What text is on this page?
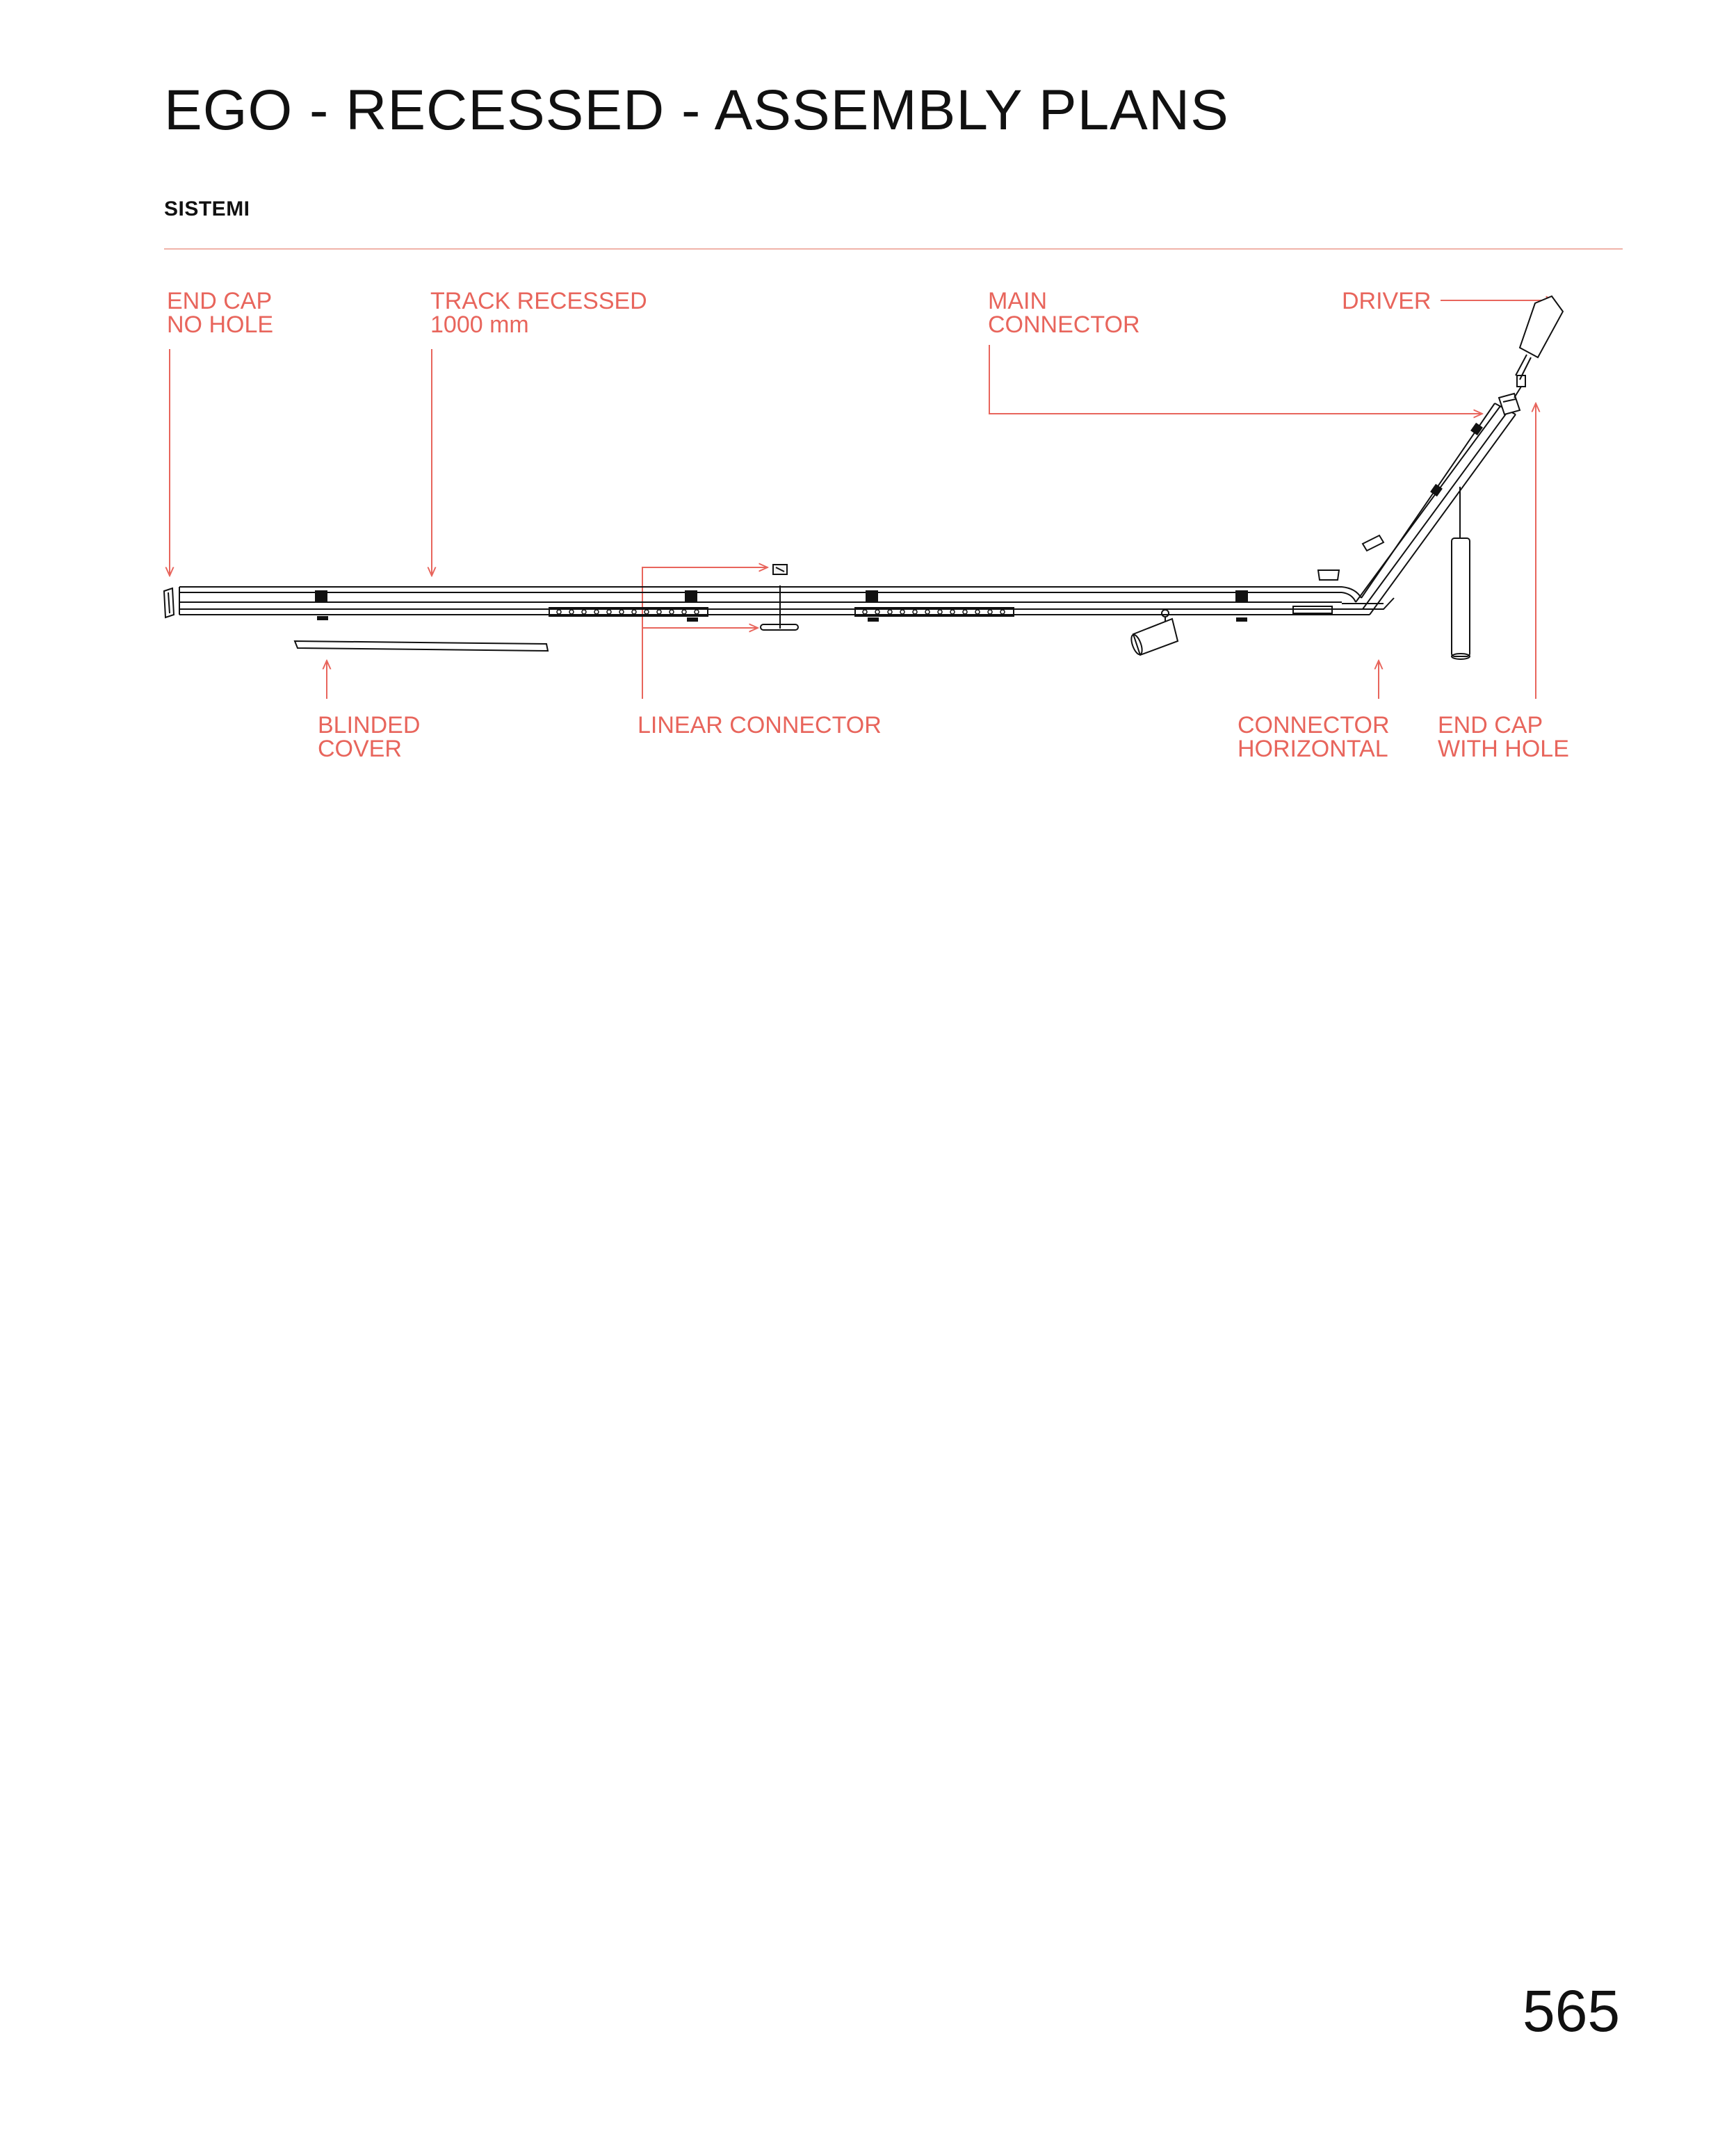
EGO - RECESSED - ASSEMBLY PLANS
SISTEMI
END CAP
NO HOLE
TRACK RECESSED
1000 mm
MAIN
CONNECTOR
DRIVER
BLINDED
COVER
LINEAR CONNECTOR	CONNECTOR
HORIZONTAL
END CAP
WITH HOLE
565
